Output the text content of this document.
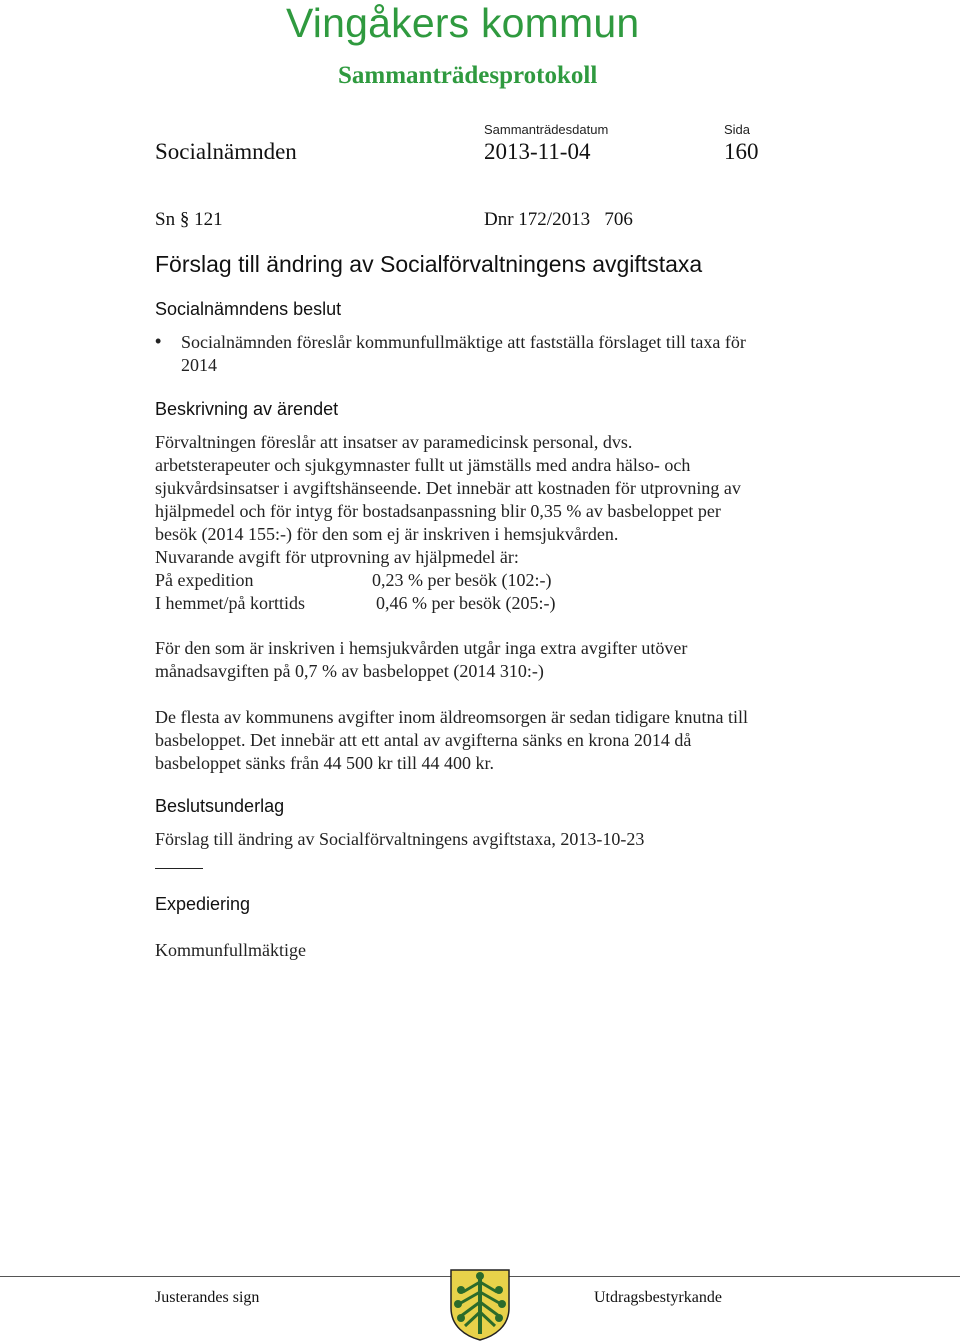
Vingåkers kommun
Sammanträdesprotokoll
Sammanträdesdatum	Sida
Socialnämnden	2013-11-04	160
Sn § 121	Dnr 172/2013   706
Förslag till ändring av Socialförvaltningens avgiftstaxa
Socialnämndens beslut
• Socialnämnden föreslår kommunfullmäktige att fastställa förslaget till taxa för
2014
Beskrivning av ärendet
Förvaltningen föreslår att insatser av paramedicinsk personal, dvs.
arbetsterapeuter och sjukgymnaster fullt ut jämställs med andra hälso- och
sjukvårdsinsatser i avgiftshänseende. Det innebär att kostnaden för utprovning av
hjälpmedel och för intyg för bostadsanpassning blir 0,35 % av basbeloppet per
besök (2014 155:-) för den som ej är inskriven i hemsjukvården.
Nuvarande avgift för utprovning av hjälpmedel är:
På expedition	0,23 % per besök (102:-)
I hemmet/på korttids	0,46 % per besök (205:-)
För den som är inskriven i hemsjukvården utgår inga extra avgifter utöver
månadsavgiften på 0,7 % av basbeloppet (2014 310:-)
De flesta av kommunens avgifter inom äldreomsorgen är sedan tidigare knutna till
basbeloppet. Det innebär att ett antal av avgifterna sänks en krona 2014 då
basbeloppet sänks från 44 500 kr till 44 400 kr.
Beslutsunderlag
Förslag till ändring av Socialförvaltningens avgiftstaxa, 2013-10-23
Expediering
Kommunfullmäktige
Justerandes sign	Utdragsbestyrkande
